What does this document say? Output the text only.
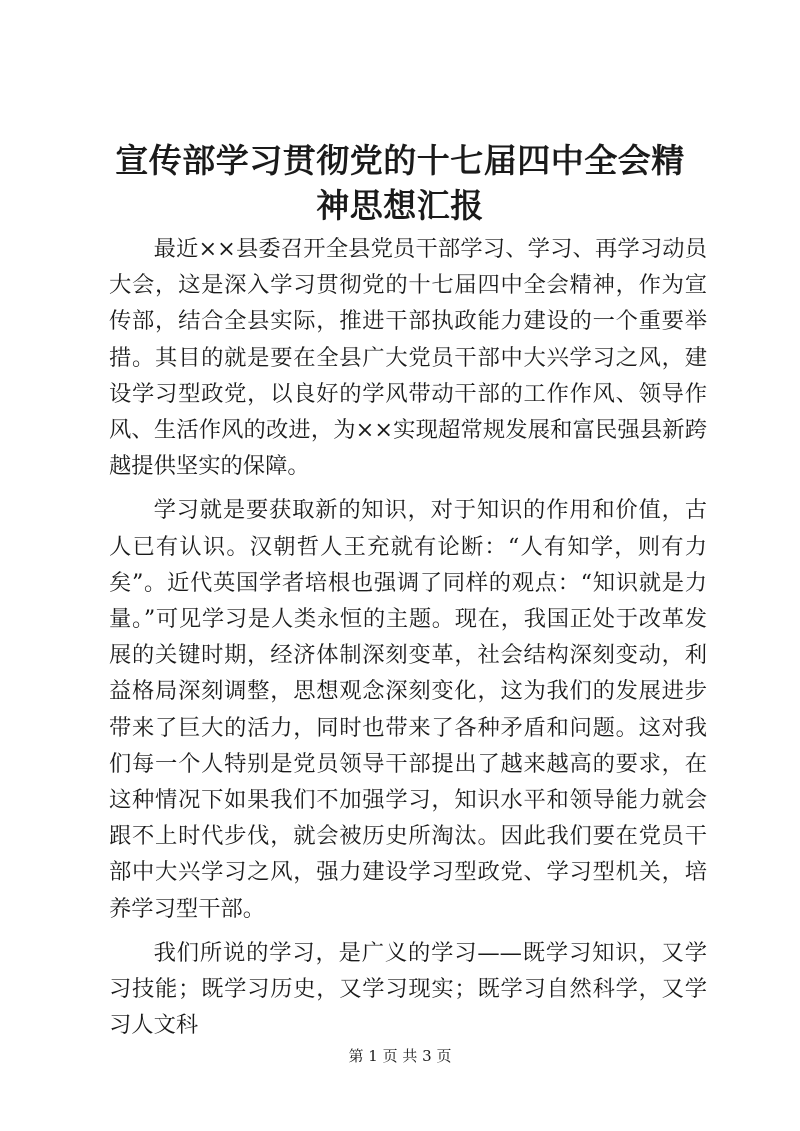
宣传部学习贯彻党的十七届四中全会精神思想汇报

最近××县委召开全县党员干部学习、学习、再学习动员大会，这是深入学习贯彻党的十七届四中全会精神，作为宣传部，结合全县实际，推进干部执政能力建设的一个重要举措。其目的就是要在全县广大党员干部中大兴学习之风，建设学习型政党，以良好的学风带动干部的工作作风、领导作风、生活作风的改进，为××实现超常规发展和富民强县新跨越提供坚实的保障。

学习就是要获取新的知识，对于知识的作用和价值，古人已有认识。汉朝哲人王充就有论断：“人有知学，则有力矣”。近代英国学者培根也强调了同样的观点：“知识就是力量。”可见学习是人类永恒的主题。现在，我国正处于改革发展的关键时期，经济体制深刻变革，社会结构深刻变动，利益格局深刻调整，思想观念深刻变化，这为我们的发展进步带来了巨大的活力，同时也带来了各种矛盾和问题。这对我们每一个人特别是党员领导干部提出了越来越高的要求，在这种情况下如果我们不加强学习，知识水平和领导能力就会跟不上时代步伐，就会被历史所淘汰。因此我们要在党员干部中大兴学习之风，强力建设学习型政党、学习型机关，培养学习型干部。

我们所说的学习，是广义的学习——既学习知识，又学习技能；既学习历史，又学习现实；既学习自然科学，又学习人文科

第 1 页 共 3 页
